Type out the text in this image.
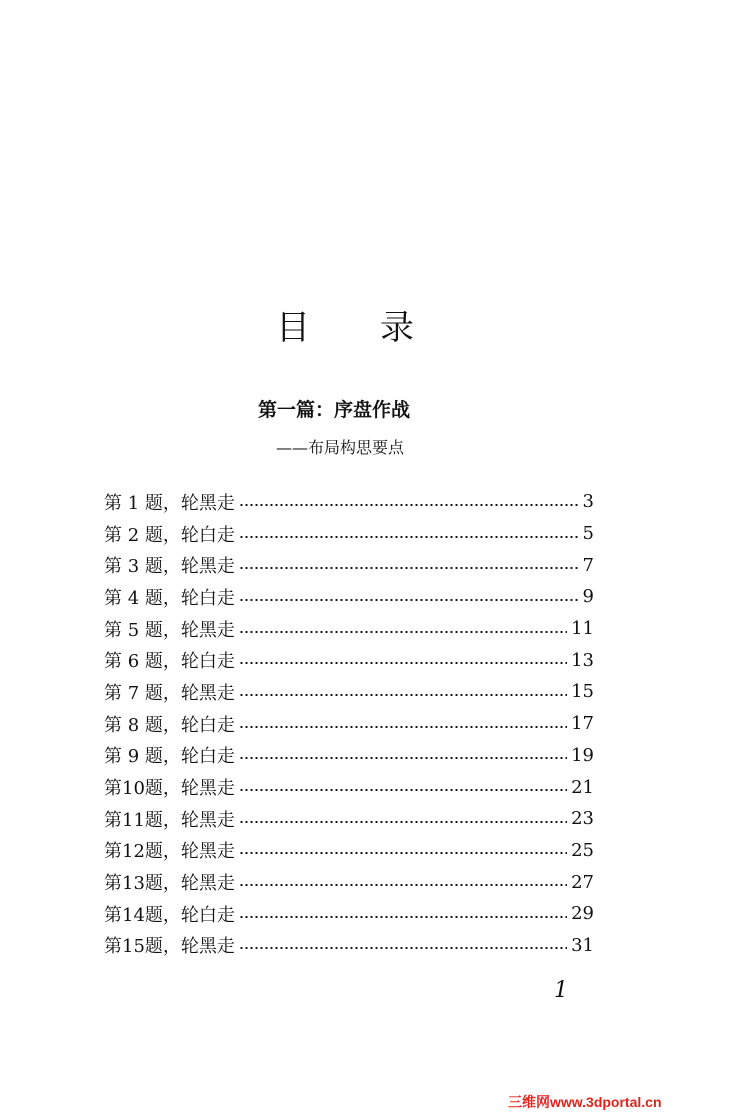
目 录
第一篇：序盘作战
——布局构思要点
第 1 题，轮黑走	3
第 2 题，轮白走	5
第 3 题，轮黑走	7
第 4 题，轮白走	9
第 5 题，轮黑走	11
第 6 题，轮白走	13
第 7 题，轮黑走	15
第 8 题，轮白走	17
第 9 题，轮白走	19
第10题，轮黑走	21
第11题，轮黑走	23
第12题，轮黑走	25
第13题，轮黑走	27
第14题，轮白走	29
第15题，轮黑走	31
1
三维网www.3dportal.cn
